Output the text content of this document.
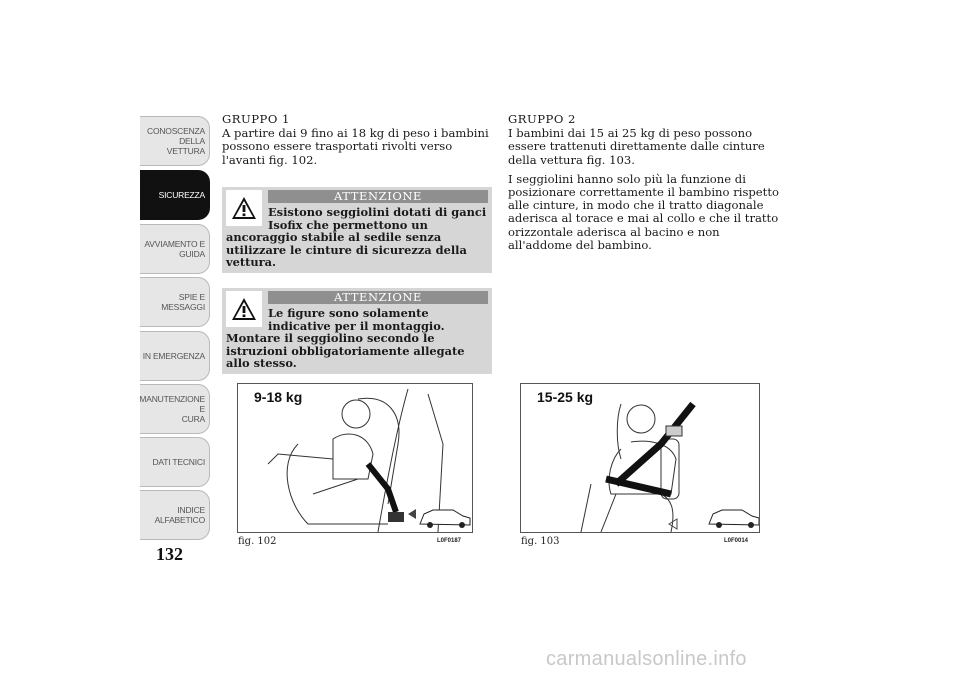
CONOSCENZA
DELLA VETTURA
SICUREZZA
AVVIAMENTO E
GUIDA
SPIE E MESSAGGI
IN EMERGENZA
MANUTENZIONE E
CURA
DATI TECNICI
INDICE
ALFABETICO
132

GRUPPO 1

A partire dai 9 fino ai 18 kg di peso i bambini possono essere trasportati rivolti verso l'avanti fig. 102.

ATTENZIONE
Esistono seggiolini dotati di ganci Isofix che permettono un ancoraggio stabile al sedile senza utilizzare le cinture di sicurezza della vettura.
ATTENZIONE
Le figure sono solamente indicative per il montaggio. Montare il seggiolino secondo le istruzioni obbligatoriamente allegate allo stesso.

GRUPPO 2

I bambini dai 15 ai 25 kg di peso possono essere trattenuti direttamente dalle cinture della vettura fig. 103.

I seggiolini hanno solo più la funzione di posizionare correttamente il bambino rispetto alle cinture, in modo che il tratto diagonale aderisca al torace e mai al collo e che il tratto orizzontale aderisca al bacino e non all'addome del bambino.

9-18 kg
fig. 102	L0F0187
15-25 kg
fig. 103	L0F0014
carmanualsonline.info
